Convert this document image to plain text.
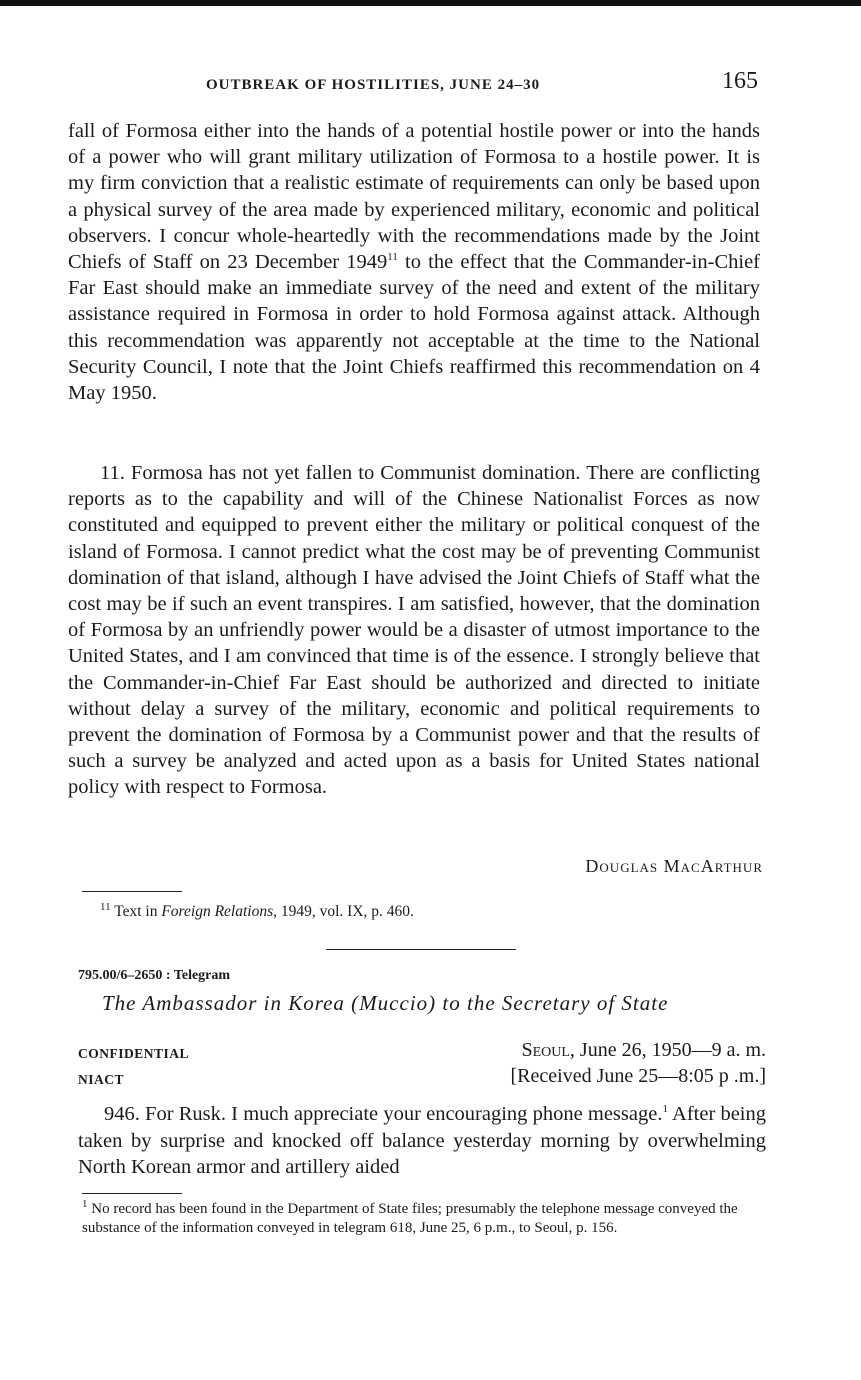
OUTBREAK OF HOSTILITIES, JUNE 24–30	165

fall of Formosa either into the hands of a potential hostile power or into the hands of a power who will grant military utilization of Formosa to a hostile power. It is my firm conviction that a realistic estimate of requirements can only be based upon a physical survey of the area made by experienced military, economic and political observers. I concur whole-heartedly with the recommendations made by the Joint Chiefs of Staff on 23 December 1949$^{11}$ to the effect that the Commander-in-Chief Far East should make an immediate survey of the need and extent of the military assistance required in Formosa in order to hold Formosa against attack. Although this recommendation was apparently not acceptable at the time to the National Security Council, I note that the Joint Chiefs reaffirmed this recommendation on 4 May 1950.

11. Formosa has not yet fallen to Communist domination. There are conflicting reports as to the capability and will of the Chinese Nationalist Forces as now constituted and equipped to prevent either the military or political conquest of the island of Formosa. I cannot predict what the cost may be of preventing Communist domination of that island, although I have advised the Joint Chiefs of Staff what the cost may be if such an event transpires. I am satisfied, however, that the domination of Formosa by an unfriendly power would be a disaster of utmost importance to the United States, and I am convinced that time is of the essence. I strongly believe that the Commander-in-Chief Far East should be authorized and directed to initiate without delay a survey of the military, economic and political requirements to prevent the domination of Formosa by a Communist power and that the results of such a survey be analyzed and acted upon as a basis for United States national policy with respect to Formosa.

Douglas MacArthur
$^{11}$ Text in Foreign Relations, 1949, vol. IX, p. 460.
795.00/6–2650 : Telegram
The Ambassador in Korea (Muccio) to the Secretary of State
CONFIDENTIAL	Seoul, June 26, 1950—9 a. m.
NIACT	[Received June 25—8:05 p .m.]

946. For Rusk. I much appreciate your encouraging phone message.$^1$ After being taken by surprise and knocked off balance yesterday morning by overwhelming North Korean armor and artillery aided

$^1$ No record has been found in the Department of State files; presumably the telephone message conveyed the substance of the information conveyed in telegram 618, June 25, 6 p.m., to Seoul, p. 156.
